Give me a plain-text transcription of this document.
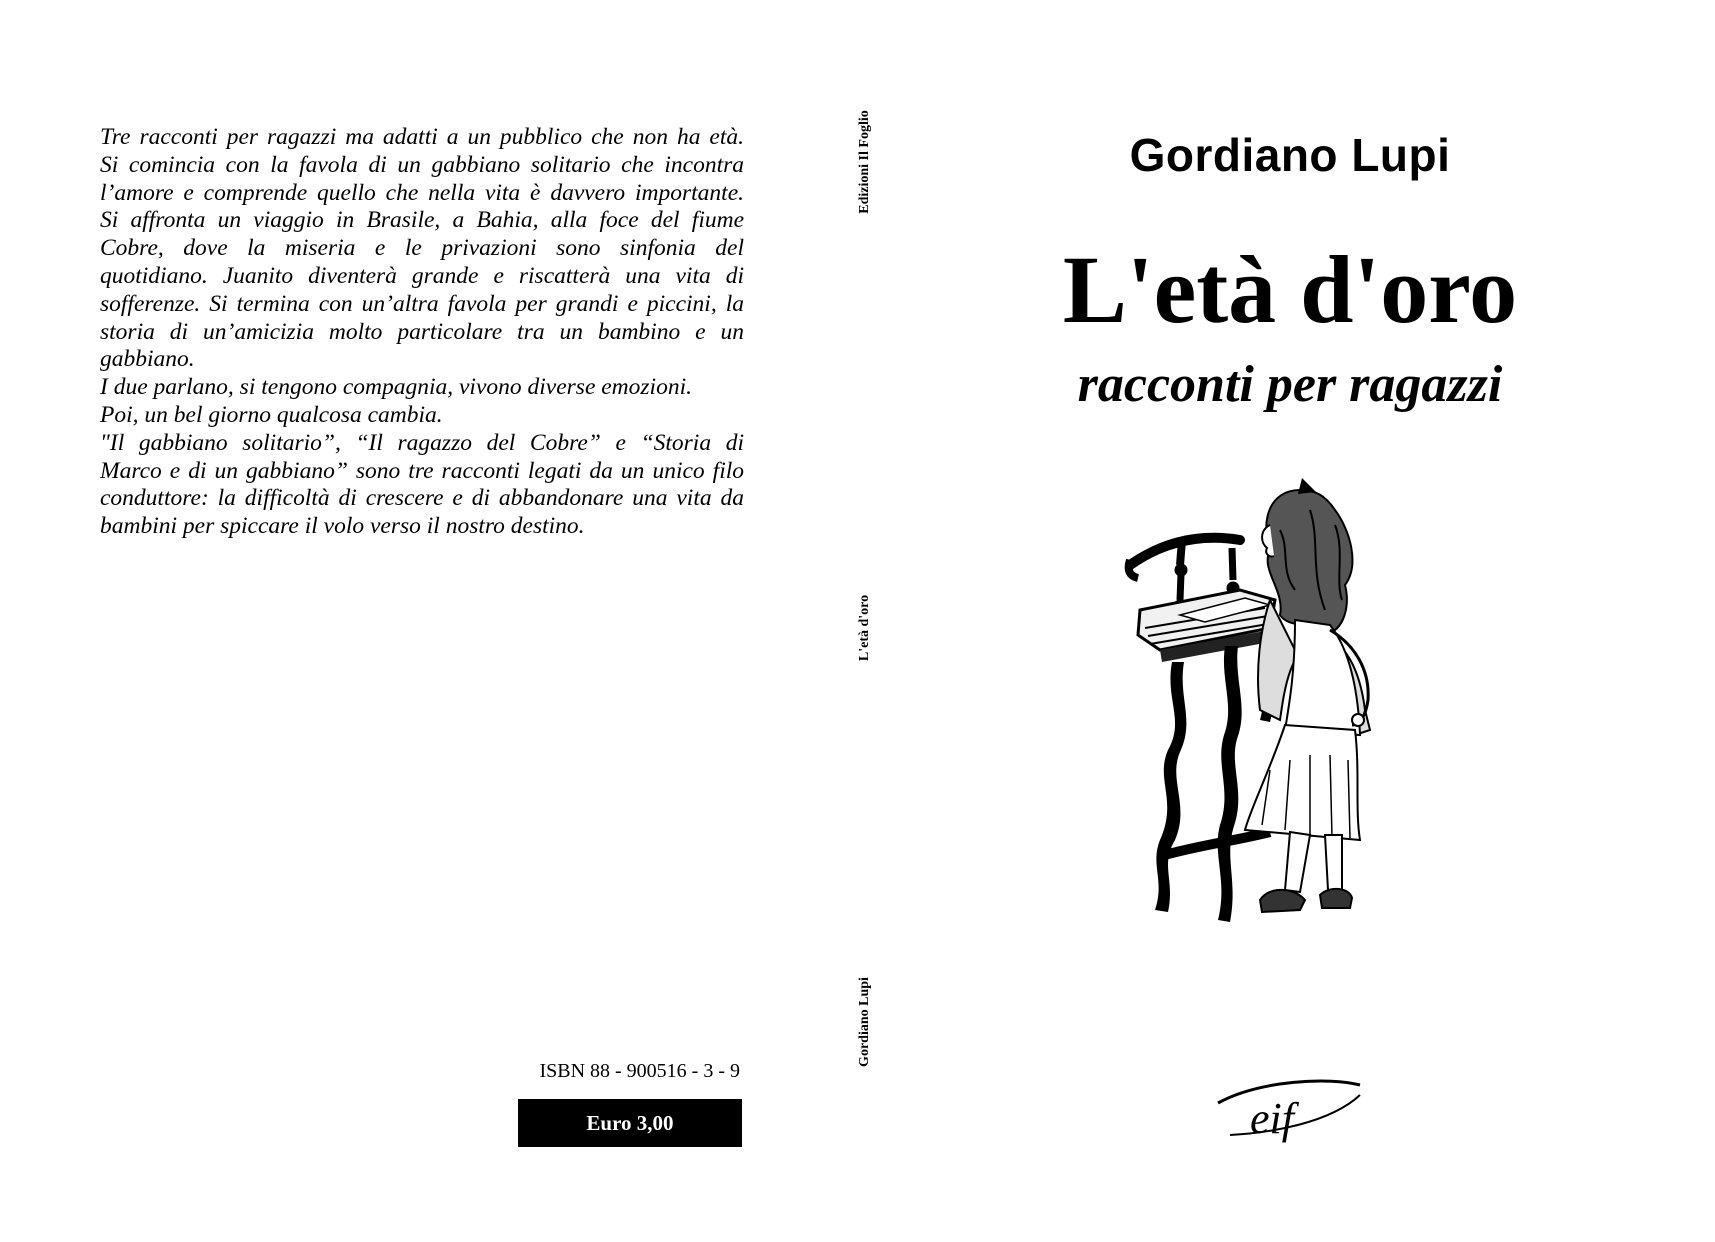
Tre racconti per ragazzi ma adatti a un pubblico che non ha età.

Si comincia con la favola di un gabbiano solitario che incontra

l’amore e comprende quello che nella vita è davvero importante.

Si affronta un viaggio in Brasile, a Bahia, alla foce del fiume

Cobre, dove la miseria e le privazioni sono sinfonia del

quotidiano. Juanito diventerà grande e riscatterà una vita di

sofferenze. Si termina con un’altra favola per grandi e piccini, la

storia di un’amicizia molto particolare tra un bambino e un

gabbiano.

I due parlano, si tengono compagnia, vivono diverse emozioni.

Poi, un bel giorno qualcosa cambia.

"Il gabbiano solitario”, “Il ragazzo del Cobre” e “Storia di

Marco e di un gabbiano” sono tre racconti legati da un unico filo

conduttore: la difficoltà di crescere e di abbandonare una vita da

bambini per spiccare il volo verso il nostro destino.

ISBN 88 - 900516 - 3 - 9
Euro 3,00
Edizioni Il Foglio
L'età d'oro
Gordiano Lupi
Gordiano Lupi
L'età d'oro
racconti per ragazzi
eif
